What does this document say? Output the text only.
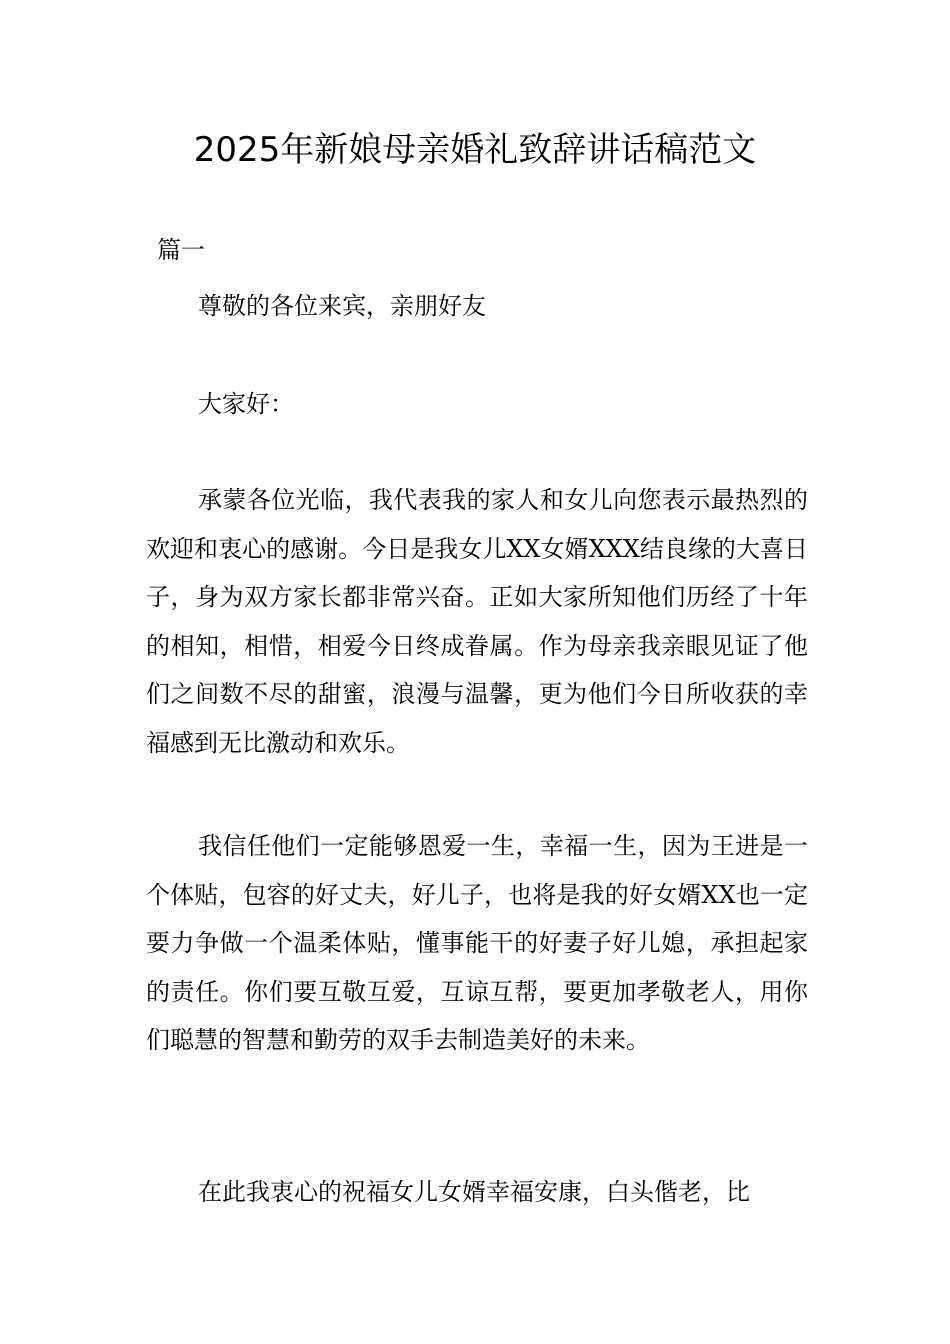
2025年新娘母亲婚礼致辞讲话稿范文

篇一

尊敬的各位来宾，亲朋好友

大家好：

承蒙各位光临，我代表我的家人和女儿向您表示最热烈的欢迎和衷心的感谢。今日是我女儿XX女婿XXX结良缘的大喜日子，身为双方家长都非常兴奋。正如大家所知他们历经了十年的相知，相惜，相爱今日终成眷属。作为母亲我亲眼见证了他们之间数不尽的甜蜜，浪漫与温馨，更为他们今日所收获的幸福感到无比激动和欢乐。

我信任他们一定能够恩爱一生，幸福一生，因为王进是一个体贴，包容的好丈夫，好儿子，也将是我的好女婿XX也一定要力争做一个温柔体贴，懂事能干的好妻子好儿媳，承担起家的责任。你们要互敬互爱，互谅互帮，要更加孝敬老人，用你们聪慧的智慧和勤劳的双手去制造美好的未来。

在此我衷心的祝福女儿女婿幸福安康，白头偕老，比
